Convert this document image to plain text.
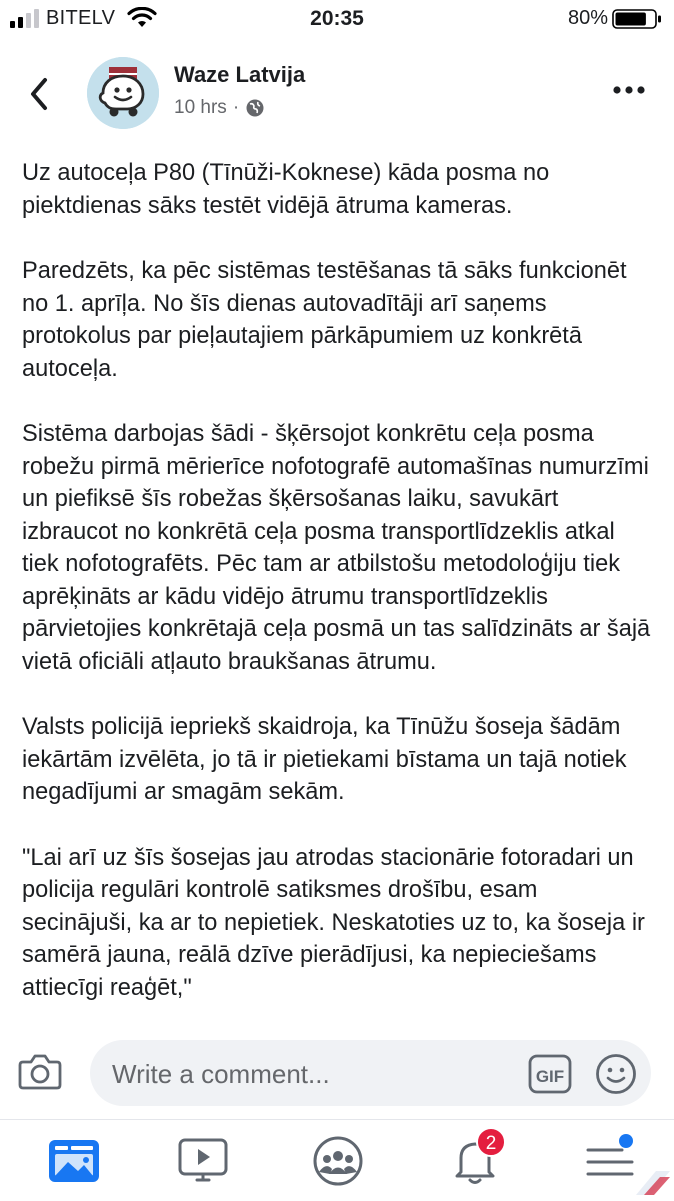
BITELV	20:35	80%
Waze Latvija
10 hrs ·

Uz autoceļa P80 (Tīnūži-Koknese) kāda posma no piektdienas sāks testēt vidējā ātruma kameras.

Paredzēts, ka pēc sistēmas testēšanas tā sāks funkcionēt no 1. aprīļa. No šīs dienas autovadītāji arī saņems protokolus par pieļautajiem pārkāpumiem uz konkrētā autoceļa.

Sistēma darbojas šādi - šķērsojot konkrētu ceļa posma robežu pirmā mērierīce nofotografē automašīnas numurzīmi un piefiksē šīs robežas šķērsošanas laiku, savukārt izbraucot no konkrētā ceļa posma transportlīdzeklis atkal tiek nofotografēts. Pēc tam ar atbilstošu metodoloģiju tiek aprēķināts ar kādu vidējo ātrumu transportlīdzeklis pārvietojies konkrētajā ceļa posmā un tas salīdzināts ar šajā vietā oficiāli atļauto braukšanas ātrumu.

Valsts policijā iepriekš skaidroja, ka Tīnūžu šoseja šādām iekārtām izvēlēta, jo tā ir pietiekami bīstama un tajā notiek negadījumi ar smagām sekām.

"Lai arī uz šīs šosejas jau atrodas stacionārie fotoradari un policija regulāri kontrolē satiksmes drošību, esam secinājuši, ka ar to nepietiek. Neskatoties uz to, ka šoseja ir samērā jauna, reālā dzīve pierādījusi, ka nepieciešams attiecīgi reaģēt,"

Write a comment...	GIF
2
